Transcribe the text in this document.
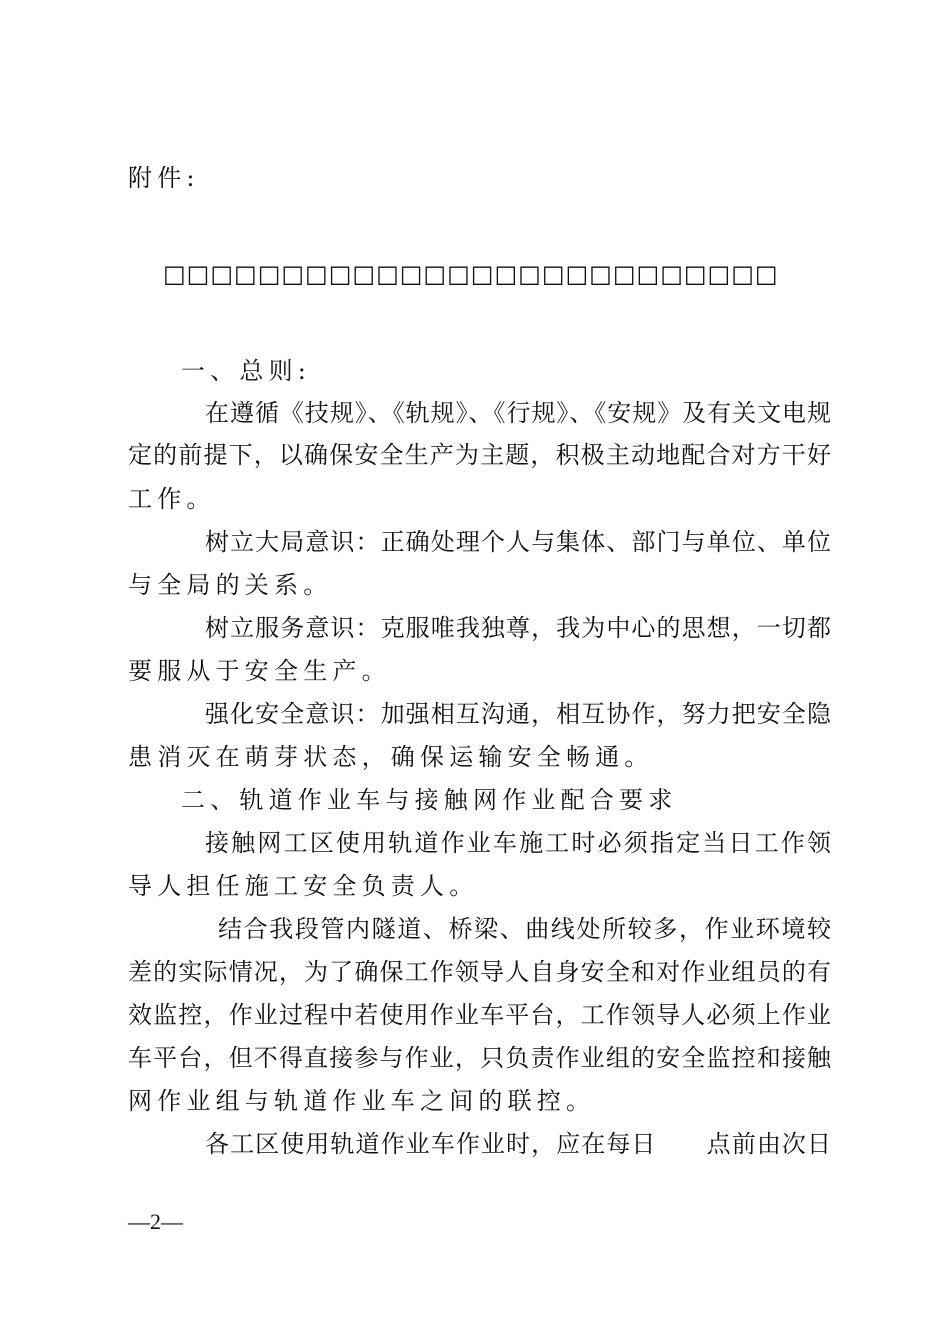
附件:
□□□□□□□□□□□□□□□□□□□□□□□□□□
一、总则:
在遵循《技规》、《轨规》、《行规》、《安规》及有关文电规
定的前提下，以确保安全生产为主题，积极主动地配合对方干好
工作。
树立大局意识：正确处理个人与集体、部门与单位、单位
与全局的关系。
树立服务意识：克服唯我独尊，我为中心的思想，一切都
要服从于安全生产。
强化安全意识：加强相互沟通，相互协作，努力把安全隐
患消灭在萌芽状态，确保运输安全畅通。
二、轨道作业车与接触网作业配合要求
接触网工区使用轨道作业车施工时必须指定当日工作领
导人担任施工安全负责人。
结合我段管内隧道、桥梁、曲线处所较多，作业环境较
差的实际情况，为了确保工作领导人自身安全和对作业组员的有
效监控，作业过程中若使用作业车平台，工作领导人必须上作业
车平台，但不得直接参与作业，只负责作业组的安全监控和接触
网作业组与轨道作业车之间的联控。
各工区使用轨道作业车作业时，应在每日　　点前由次日
—2—
